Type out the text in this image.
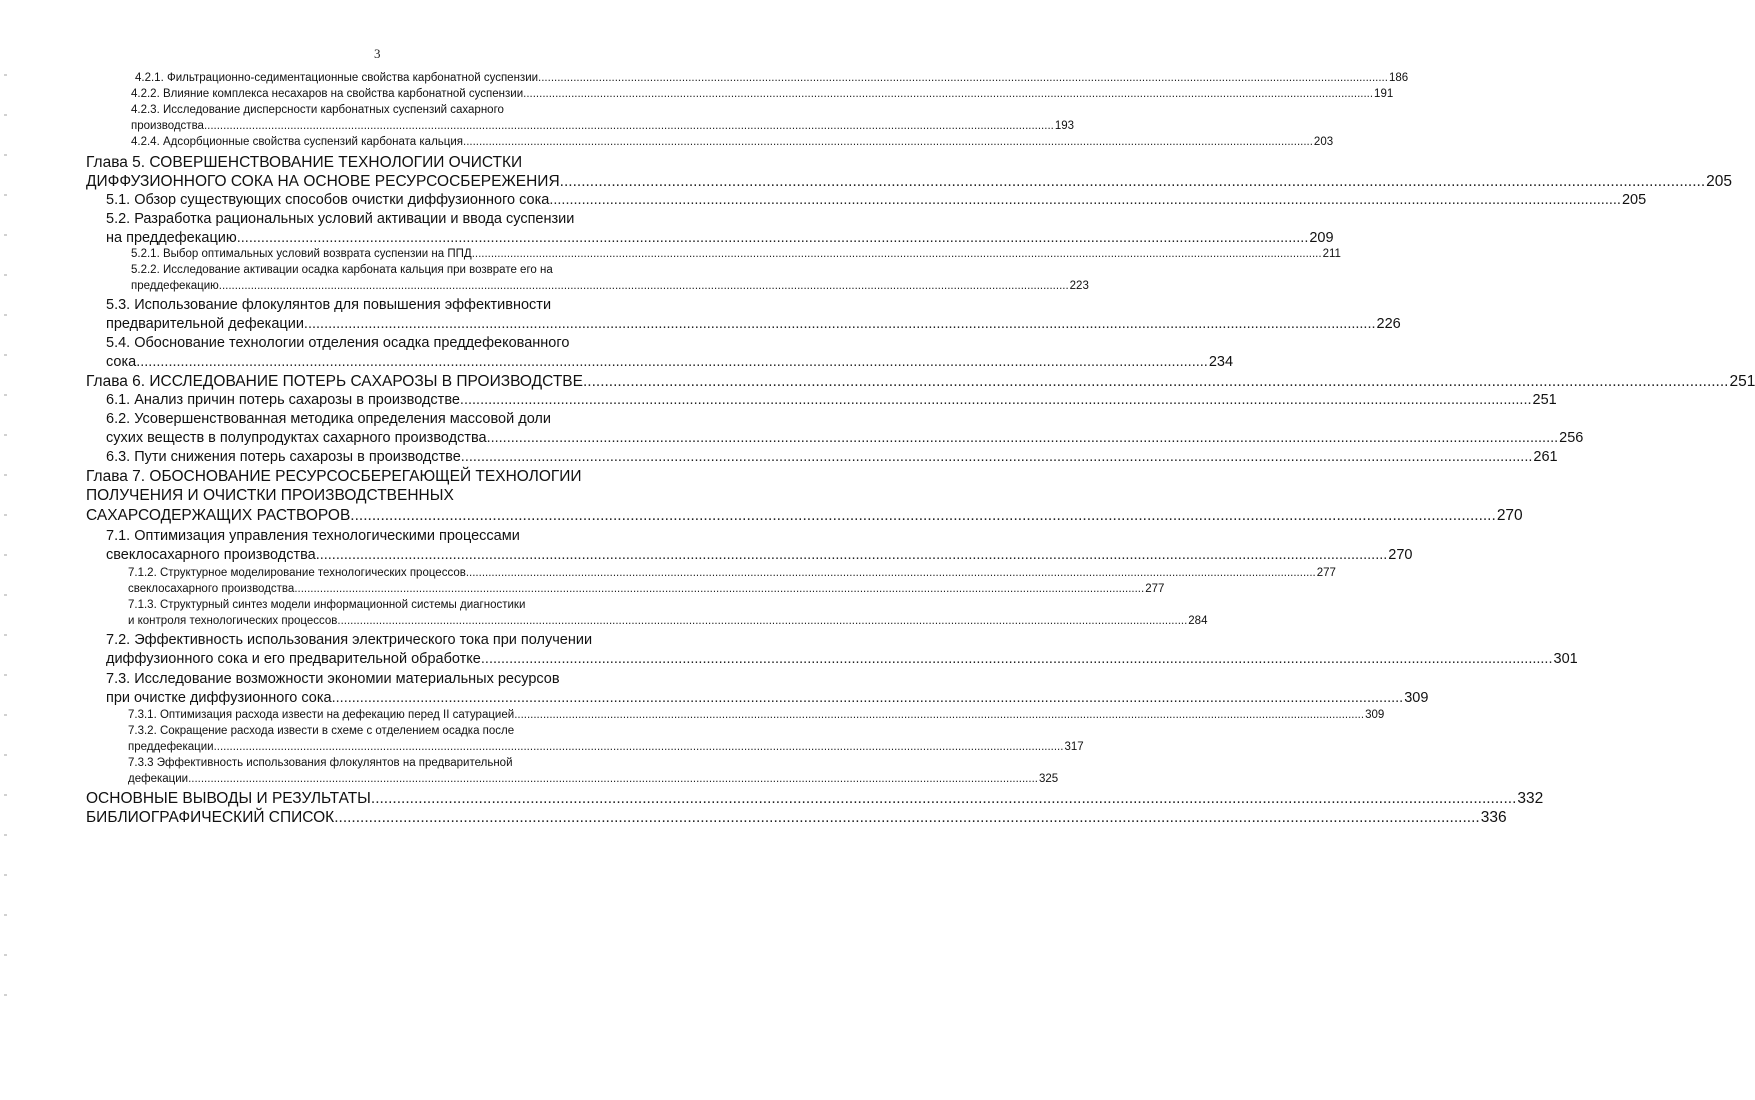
3
4.2.1. Фильтрационно-седиментационные свойства карбонатной суспензии .....	186
4.2.2. Влияние комплекса несахаров на свойства карбонатной суспензии .....	191
4.2.3. Исследование дисперсности карбонатных суспензий сахарного
производства .....	193
4.2.4. Адсорбционные свойства суспензий карбоната кальция .....	203
Глава 5. СОВЕРШЕНСТВОВАНИЕ ТЕХНОЛОГИИ ОЧИСТКИ
ДИФФУЗИОННОГО СОКА НА ОСНОВЕ РЕСУРСОСБЕРЕЖЕНИЯ .....	205
5.1. Обзор существующих способов очистки диффузионного сока .....	205
5.2. Разработка рациональных условий активации и ввода суспензии
на преддефекацию .....	209
5.2.1. Выбор оптимальных условий возврата суспензии на ППД .....	211
5.2.2. Исследование активации осадка карбоната кальция при возврате его на
преддефекацию .....	223
5.3. Использование флокулянтов для повышения эффективности
предварительной дефекации .....	226
5.4. Обоснование технологии отделения осадка преддефекованного
сока .....	234
Глава 6. ИССЛЕДОВАНИЕ ПОТЕРЬ САХАРОЗЫ В ПРОИЗВОДСТВЕ .....	251
6.1. Анализ причин потерь сахарозы в производстве .....	251
6.2. Усовершенствованная методика определения массовой доли
сухих веществ в полупродуктах сахарного производства .....	256
6.3. Пути снижения потерь сахарозы в производстве .....	261
Глава 7. ОБОСНОВАНИЕ РЕСУРСОСБЕРЕГАЮЩЕЙ ТЕХНОЛОГИИ
ПОЛУЧЕНИЯ И ОЧИСТКИ ПРОИЗВОДСТВЕННЫХ
САХАРСОДЕРЖАЩИХ РАСТВОРОВ .....	270
7.1. Оптимизация управления технологическими процессами
свеклосахарного производства .....	270
7.1.2. Структурное моделирование технологических процессов .....	277
свеклосахарного производства .....	277
7.1.3. Структурный синтез модели информационной системы диагностики
и контроля технологических процессов .....	284
7.2. Эффективность использования электрического тока при получении
диффузионного сока и его предварительной обработке .....	301
7.3. Исследование возможности экономии материальных ресурсов
при очистке диффузионного сока .....	309
7.3.1. Оптимизация расхода извести на дефекацию перед II сатурацией .....	309
7.3.2. Сокращение расхода извести в схеме с отделением осадка после
преддефекации .....	317
7.3.3 Эффективность использования флокулянтов на предварительной
дефекации .....	325
ОСНОВНЫЕ ВЫВОДЫ И РЕЗУЛЬТАТЫ .....	332
БИБЛИОГРАФИЧЕСКИЙ СПИСОК .....	336
